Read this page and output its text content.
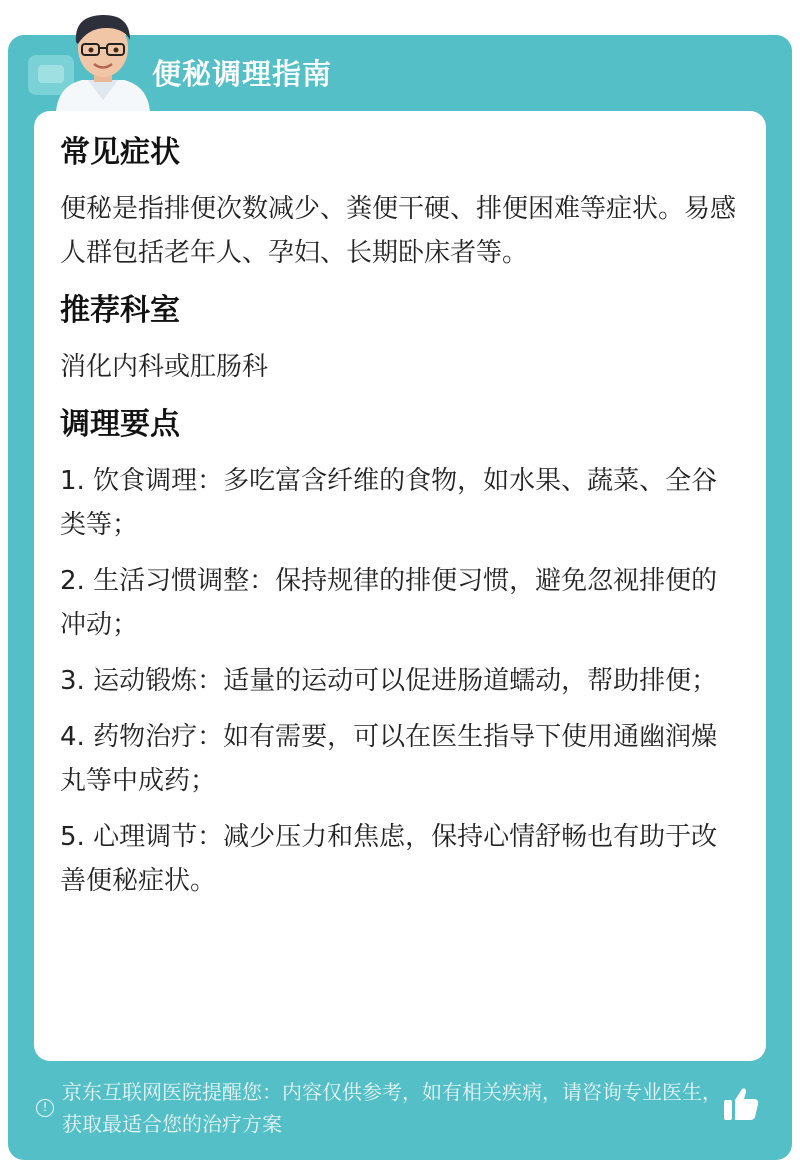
便秘调理指南
常见症状
便秘是指排便次数减少、粪便干硬、排便困难等症状。易感人群包括老年人、孕妇、长期卧床者等。
推荐科室
消化内科或肛肠科
调理要点
1. 饮食调理：多吃富含纤维的食物，如水果、蔬菜、全谷类等；
2. 生活习惯调整：保持规律的排便习惯，避免忽视排便的冲动；
3. 运动锻炼：适量的运动可以促进肠道蠕动，帮助排便；
4. 药物治疗：如有需要，可以在医生指导下使用通幽润燥丸等中成药；
5. 心理调节：减少压力和焦虑，保持心情舒畅也有助于改善便秘症状。
!
京东互联网医院提醒您：内容仅供参考，如有相关疾病，请咨询专业医生，获取最适合您的治疗方案
